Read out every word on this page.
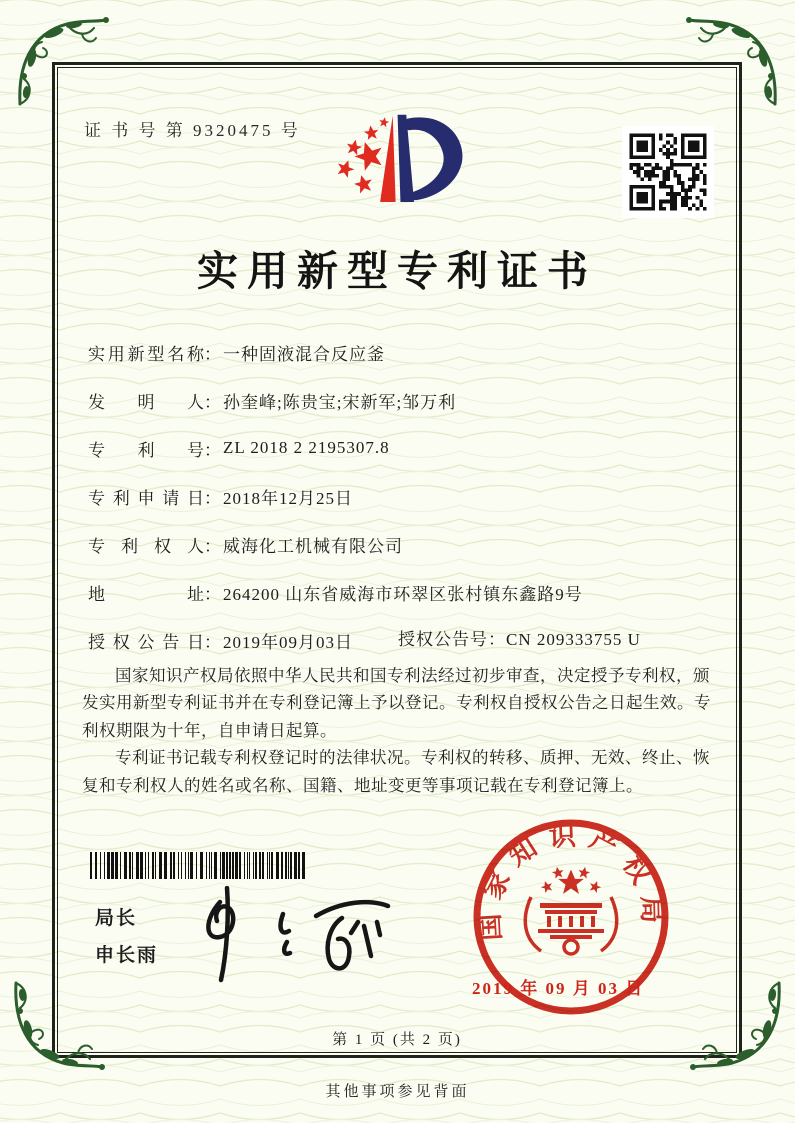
证 书 号 第 9320475 号
实用新型专利证书
实用新型名称 ： 一种固液混合反应釜
发明人 ： 孙奎峰;陈贵宝;宋新军;邹万利
专利号 ： ZL 2018 2 2195307.8
专利申请日 ： 2018年12月25日
专利权人 ： 威海化工机械有限公司
地址 ： 264200 山东省威海市环翠区张村镇东鑫路9号
授权公告日 ： 2019年09月03日	授权公告号：CN 209333755 U

国家知识产权局依照中华人民共和国专利法经过初步审查，决定授予专利权，颁发实用新型专利证书并在专利登记簿上予以登记。专利权自授权公告之日起生效。专利权期限为十年，自申请日起算。

专利证书记载专利权登记时的法律状况。专利权的转移、质押、无效、终止、恢复和专利权人的姓名或名称、国籍、地址变更等事项记载在专利登记簿上。

局长
申长雨
国家知识产权局
2019 年 09 月 03 日
第 1 页 (共 2 页)
其他事项参见背面
